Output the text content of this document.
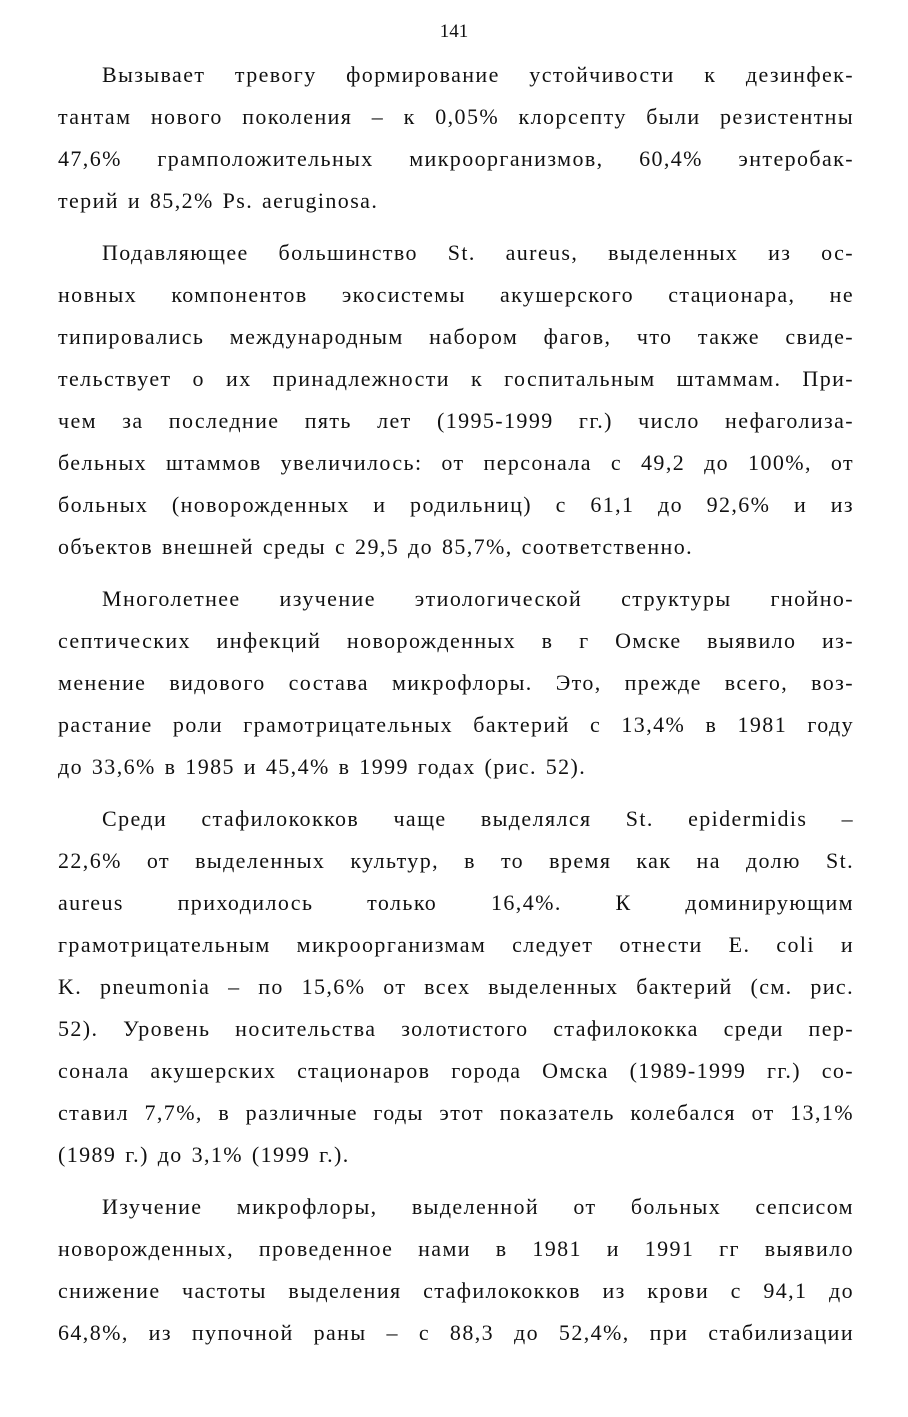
141
Вызывает тревогу формирование устойчивости к дезинфек-
тантам нового поколения – к 0,05% клорсепту были резистентны
47,6% грамположительных микроорганизмов, 60,4% энтеробак-
терий и 85,2% Ps. aeruginosa.
Подавляющее большинство St. aureus, выделенных из ос-
новных компонентов экосистемы акушерского стационара, не
типировались международным набором фагов, что также свиде-
тельствует о их принадлежности к госпитальным штаммам. При-
чем за последние пять лет (1995-1999 гг.) число нефаголиза-
бельных штаммов увеличилось: от персонала с 49,2 до 100%, от
больных (новорожденных и родильниц) с 61,1 до 92,6% и из
объектов внешней среды с 29,5 до 85,7%, соответственно.
Многолетнее изучение этиологической структуры гнойно-
септических инфекций новорожденных в г Омске выявило из-
менение видового состава микрофлоры. Это, прежде всего, воз-
растание роли грамотрицательных бактерий с 13,4% в 1981 году
до 33,6% в 1985 и 45,4% в 1999 годах (рис. 52).
Среди стафилококков чаще выделялся St. epidermidis –
22,6% от выделенных культур, в то время как на долю St.
aureus приходилось только 16,4%. К доминирующим
грамотрицательным микроорганизмам следует отнести E. coli и
K. pneumonia – по 15,6% от всех выделенных бактерий (см. рис.
52). Уровень носительства золотистого стафилококка среди пер-
сонала акушерских стационаров города Омска (1989-1999 гг.) со-
ставил 7,7%, в различные годы этот показатель колебался от 13,1%
(1989 г.) до 3,1% (1999 г.).
Изучение микрофлоры, выделенной от больных сепсисом
новорожденных, проведенное нами в 1981 и 1991 гг выявило
снижение частоты выделения стафилококков из крови с 94,1 до
64,8%, из пупочной раны – с 88,3 до 52,4%, при стабилизации
